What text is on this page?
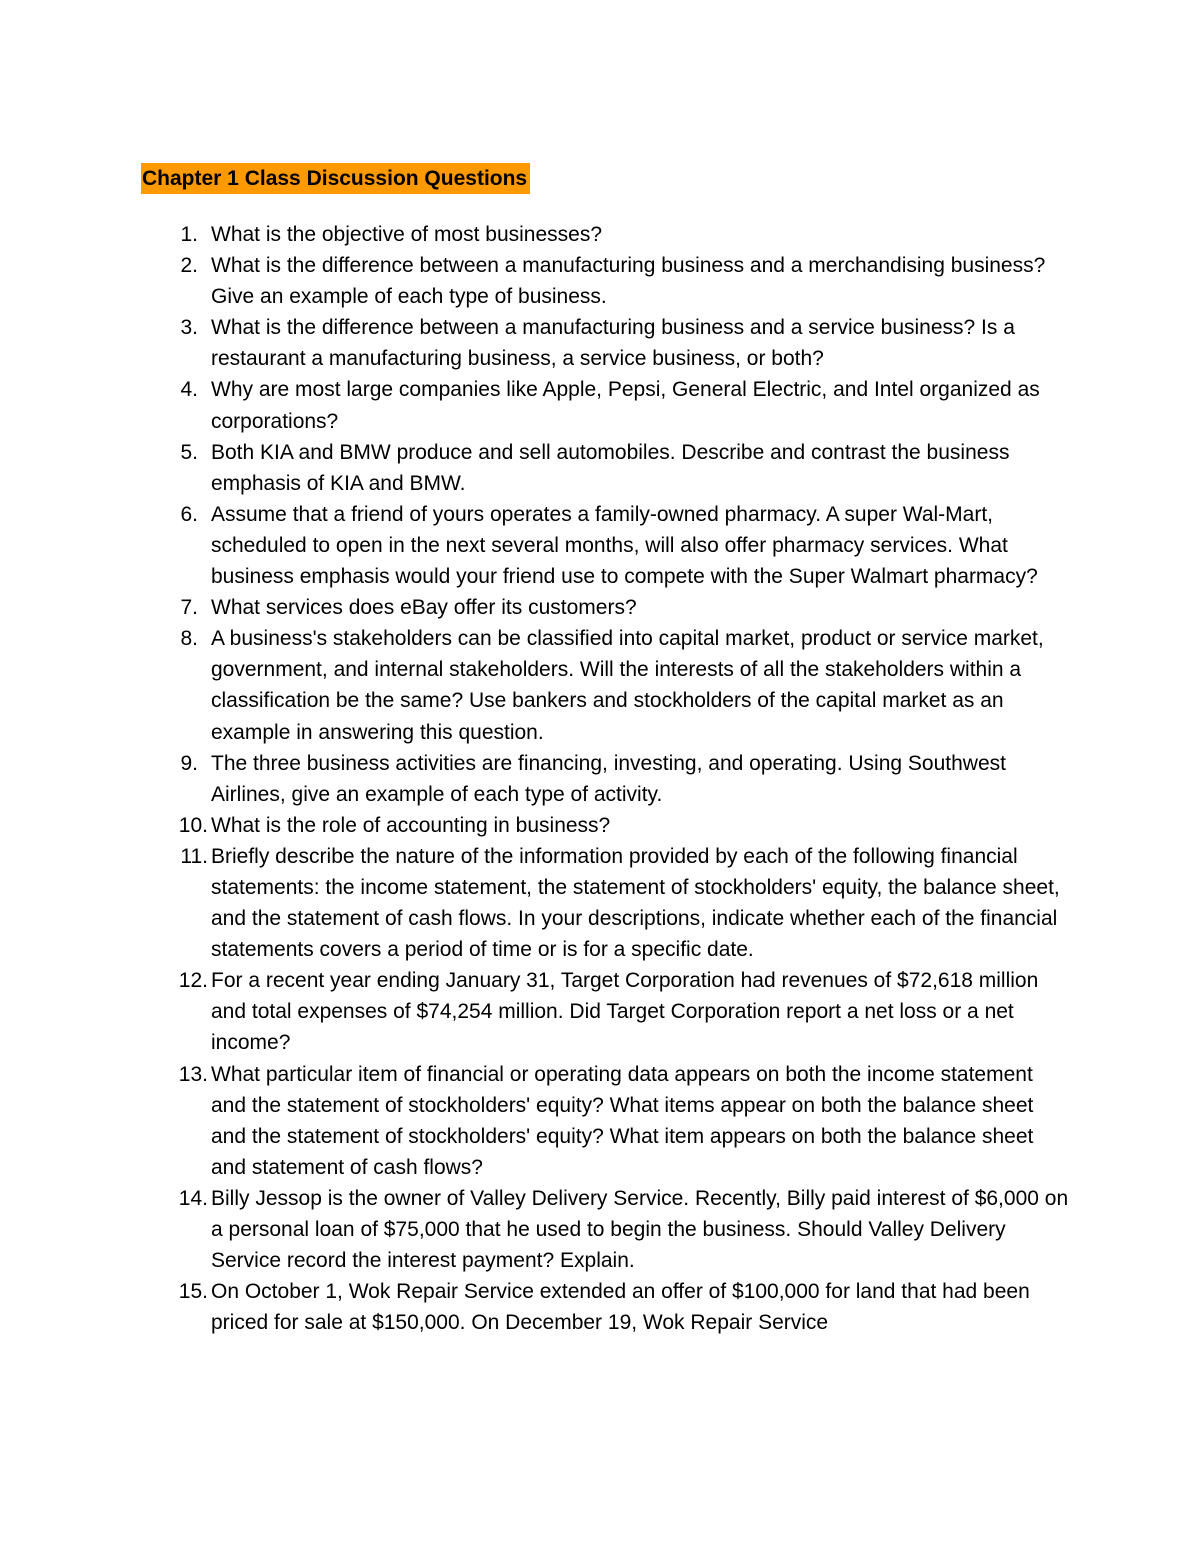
Chapter 1 Class Discussion Questions
1. What is the objective of most businesses?
2. What is the difference between a manufacturing business and a merchandising business? Give an example of each type of business.
3. What is the difference between a manufacturing business and a service business? Is a restaurant a manufacturing business, a service business, or both?
4. Why are most large companies like Apple, Pepsi, General Electric, and Intel organized as corporations?
5. Both KIA and BMW produce and sell automobiles. Describe and contrast the business emphasis of KIA and BMW.
6. Assume that a friend of yours operates a family-owned pharmacy. A super Wal-Mart, scheduled to open in the next several months, will also offer pharmacy services. What business emphasis would your friend use to compete with the Super Walmart pharmacy?
7. What services does eBay offer its customers?
8. A business's stakeholders can be classified into capital market, product or service market, government, and internal stakeholders. Will the interests of all the stakeholders within a classification be the same? Use bankers and stockholders of the capital market as an example in answering this question.
9. The three business activities are financing, investing, and operating. Using Southwest Airlines, give an example of each type of activity.
10. What is the role of accounting in business?
11. Briefly describe the nature of the information provided by each of the following financial statements: the income statement, the statement of stockholders' equity, the balance sheet, and the statement of cash flows. In your descriptions, indicate whether each of the financial statements covers a period of time or is for a specific date.
12. For a recent year ending January 31, Target Corporation had revenues of $72,618 million and total expenses of $74,254 million. Did Target Corporation report a net loss or a net income?
13. What particular item of financial or operating data appears on both the income statement and the statement of stockholders' equity? What items appear on both the balance sheet and the statement of stockholders' equity? What item appears on both the balance sheet and statement of cash flows?
14. Billy Jessop is the owner of Valley Delivery Service. Recently, Billy paid interest of $6,000 on a personal loan of $75,000 that he used to begin the business. Should Valley Delivery Service record the interest payment? Explain.
15. On October 1, Wok Repair Service extended an offer of $100,000 for land that had been priced for sale at $150,000. On December 19, Wok Repair Service
